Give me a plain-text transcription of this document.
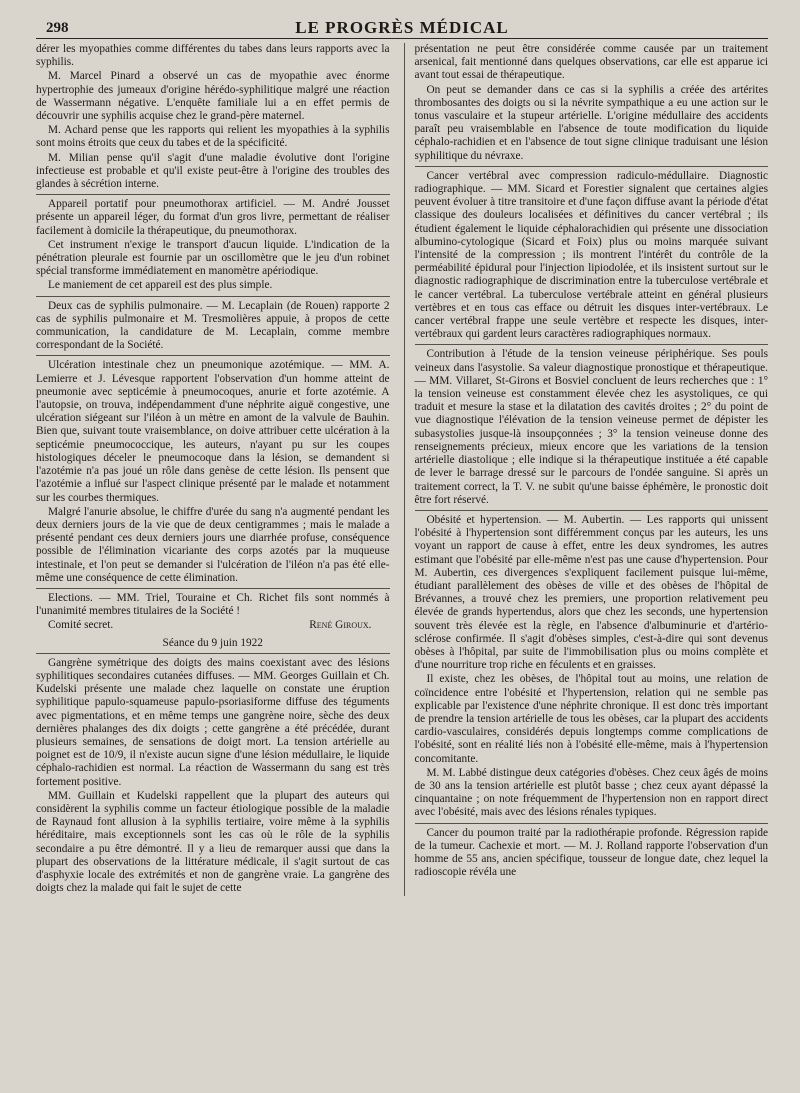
298	LE PROGRÈS MÉDICAL

dérer les myopathies comme différentes du tabes dans leurs rapports avec la syphilis.

M. Marcel Pinard a observé un cas de myopathie avec énorme hypertrophie des jumeaux d'origine hérédo-syphilitique malgré une réaction de Wassermann négative. L'enquête familiale lui a en effet permis de découvrir une syphilis acquise chez le grand-père maternel.

M. Achard pense que les rapports qui relient les myopathies à la syphilis sont moins étroits que ceux du tabes et de la spécificité.

M. Milian pense qu'il s'agit d'une maladie évolutive dont l'origine infectieuse est probable et qu'il existe peut-être à l'origine des troubles des glandes à sécrétion interne.

Appareil portatif pour pneumothorax artificiel. — M. André Jousset présente un appareil léger, du format d'un gros livre, permettant de réaliser facilement à domicile la thérapeutique, du pneumothorax.

Cet instrument n'exige le transport d'aucun liquide. L'indication de la pénétration pleurale est fournie par un oscillomètre que le jeu d'un robinet spécial transforme immédiatement en manomètre apériodique.

Le maniement de cet appareil est des plus simple.

Deux cas de syphilis pulmonaire. — M. Lecaplain (de Rouen) rapporte 2 cas de syphilis pulmonaire et M. Tresmolières appuie, à propos de cette communication, la candidature de M. Lecaplain, comme membre correspondant de la Société.

Ulcération intestinale chez un pneumonique azotémique. — MM. A. Lemierre et J. Lévesque rapportent l'observation d'un homme atteint de pneumonie avec septicémie à pneumocoques, anurie et forte azotémie. A l'autopsie, on trouva, indépendamment d'une néphrite aiguë congestive, une ulcération siégeant sur l'iléon à un mètre en amont de la valvule de Bauhin. Bien que, suivant toute vraisemblance, on doive attribuer cette ulcération à la septicémie pneumococcique, les auteurs, n'ayant pu sur les coupes histologiques déceler le pneumocoque dans la lésion, se demandent si l'azotémie n'a pas joué un rôle dans genèse de cette lésion. Ils pensent que l'azotémie a influé sur l'aspect clinique présenté par le malade et notamment sur les courbes thermiques.

Malgré l'anurie absolue, le chiffre d'urée du sang n'a augmenté pendant les deux derniers jours de la vie que de deux centigrammes ; mais le malade a présenté pendant ces deux derniers jours une diarrhée profuse, conséquence possible de l'élimination vicariante des corps azotés par la muqueuse intestinale, et l'on peut se demander si l'ulcération de l'iléon n'a pas été elle-même une conséquence de cette élimination.

Elections. — MM. Triel, Touraine et Ch. Richet fils sont nommés à l'unanimité membres titulaires de la Société !

Comité secret.	René Giroux.
Séance du 9 juin 1922

Gangrène symétrique des doigts des mains coexistant avec des lésions syphilitiques secondaires cutanées diffuses. — MM. Georges Guillain et Ch. Kudelski présente une malade chez laquelle on constate une éruption syphilitique papulo-squameuse papulo-psoriasiforme diffuse des téguments avec pigmentations, et en même temps une gangrène noire, sèche des deux dernières phalanges des dix doigts ; cette gangrène a été précédée, durant plusieurs semaines, de sensations de doigt mort. La tension artérielle au poignet est de 10/9, il n'existe aucun signe d'une lésion médullaire, le liquide céphalo-rachidien est normal. La réaction de Wassermann du sang est très fortement positive.

MM. Guillain et Kudelski rappellent que la plupart des auteurs qui considèrent la syphilis comme un facteur étiologique possible de la maladie de Raynaud font allusion à la syphilis tertiaire, voire même à la syphilis héréditaire, mais exceptionnels sont les cas où le rôle de la syphilis secondaire a pu être démontré. Il y a lieu de remarquer aussi que dans la plupart des observations de la littérature médicale, il s'agit surtout de cas d'asphyxie locale des extrémités et non de gangrène vraie. La gangrène des doigts chez la malade qui fait le sujet de cette

présentation ne peut être considérée comme causée par un traitement arsenical, fait mentionné dans quelques observations, car elle est apparue ici avant tout essai de thérapeutique.

On peut se demander dans ce cas si la syphilis a créée des artérites thrombosantes des doigts ou si la névrite sympathique a eu une action sur le tonus vasculaire et la stupeur artérielle. L'origine médullaire des accidents paraît peu vraisemblable en l'absence de toute modification du liquide céphalo-rachidien et en l'absence de tout signe clinique traduisant une lésion syphilitique du névraxe.

Cancer vertébral avec compression radiculo-médullaire. Diagnostic radiographique. — MM. Sicard et Forestier signalent que certaines algies peuvent évoluer à titre transitoire et d'une façon diffuse avant la période d'état classique des douleurs localisées et définitives du cancer vertébral ; ils étudient également le liquide céphalorachidien qui présente une dissociation albumino-cytologique (Sicard et Foix) plus ou moins marquée suivant l'intensité de la compression ; ils montrent l'intérêt du contrôle de la perméabilité épidural pour l'injection lipiodolée, et ils insistent surtout sur le diagnostic radiographique de discrimination entre la tuberculose vertébrale et le cancer vertébral. La tuberculose vertébrale atteint en général plusieurs vertèbres et en tous cas efface ou détruit les disques inter-vertébraux. Le cancer vertébral frappe une seule vertèbre et respecte les disques, inter-vertébraux qui gardent leurs caractères radiographiques normaux.

Contribution à l'étude de la tension veineuse périphérique. Ses pouls veineux dans l'asystolie. Sa valeur diagnostique pronostique et thérapeutique. — MM. Villaret, St-Girons et Bosviel concluent de leurs recherches que : 1° la tension veineuse est constamment élevée chez les asystoliques, ce qui traduit et mesure la stase et la dilatation des cavités droites ; 2° du point de vue diagnostique l'élévation de la tension veineuse permet de dépister les subasystolies jusque-là insoupçonnées ; 3° la tension veineuse donne des renseignements précieux, mieux encore que les variations de la tension artérielle diastolique ; elle indique si la thérapeutique instituée a été capable de lever le barrage dressé sur le parcours de l'ondée sanguine. Si après un traitement correct, la T. V. ne subit qu'une baisse éphémère, le pronostic doit être fort réservé.

Obésité et hypertension. — M. Aubertin. — Les rapports qui unissent l'obésité à l'hypertension sont différemment conçus par les auteurs, les uns voyant un rapport de cause à effet, entre les deux syndromes, les autres estimant que l'obésité par elle-même n'est pas une cause d'hypertension. Pour M. Aubertin, ces divergences s'expliquent facilement puisque lui-même, étudiant parallèlement des obèses de ville et des obèses de l'hôpital de Brévannes, a trouvé chez les premiers, une proportion relativement peu élevée de grands hypertendus, alors que chez les seconds, une hypertension souvent très élevée est la règle, en l'absence d'albuminurie et d'artério-sclérose confirmée. Il s'agit d'obèses simples, c'est-à-dire qui sont devenus obèses à l'hôpital, par suite de l'immobilisation plus ou moins complète et d'une nourriture trop riche en féculents et en graisses.

Il existe, chez les obèses, de l'hôpital tout au moins, une relation de coïncidence entre l'obésité et l'hypertension, relation qui ne semble pas explicable par l'existence d'une néphrite chronique. Il est donc très important de prendre la tension artérielle de tous les obèses, car la plupart des accidents cardio-vasculaires, considérés depuis longtemps comme complications de l'obésité, sont en réalité liés non à l'obésité elle-même, mais à l'hypertension concomitante.

M. M. Labbé distingue deux catégories d'obèses. Chez ceux âgés de moins de 30 ans la tension artérielle est plutôt basse ; chez ceux ayant dépassé la cinquantaine ; on note fréquemment de l'hypertension non en rapport direct avec l'obésité, mais avec des lésions rénales typiques.

Cancer du poumon traité par la radiothérapie profonde. Régression rapide de la tumeur. Cachexie et mort. — M. J. Rolland rapporte l'observation d'un homme de 55 ans, ancien spécifique, tousseur de longue date, chez lequel la radioscopie révéla une
